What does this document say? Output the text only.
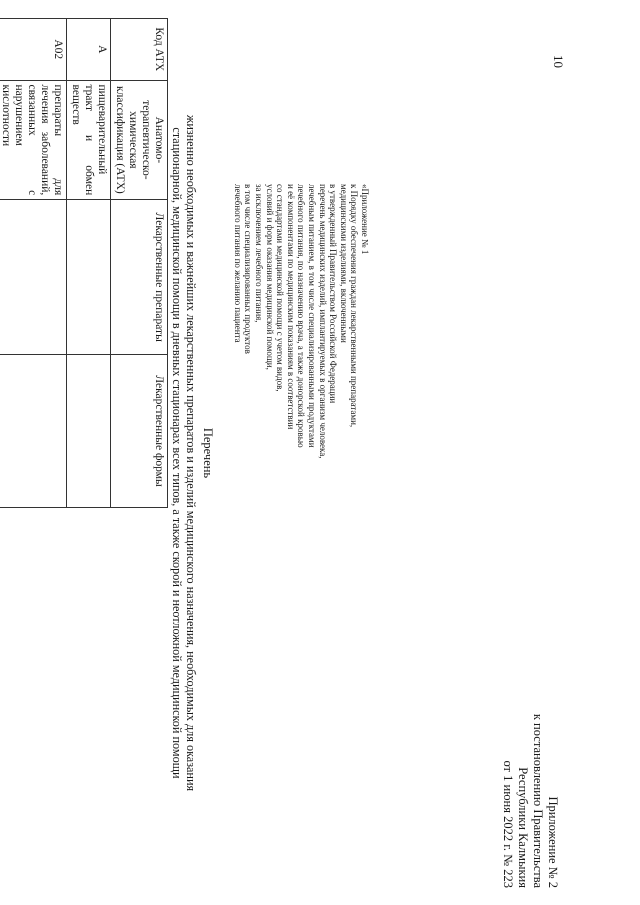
10
Приложение № 2
к постановлению Правительства
Республики Калмыкия
от 1 июня 2022 г. № 223
«Приложение № 1
к Порядку обеспечения граждан лекарственными препаратами,
медицинскими изделиями, включенными
в утвержденный Правительством Российской Федерации
перечень медицинских изделий, имплантируемых в организм человека,
лечебным питанием, в том числе специализированными продуктами
лечебного питания, по назначению врача, а также донорской кровью
и её компонентами по медицинским показаниям в соответствии
со стандартами медицинской помощи с учетом видов,
условий и форм оказания медицинской помощи,
за исключением лечебного питания,
в том числе специализированных продуктов
лечебного питания по желанию пациента
Перечень
жизненно необходимых и важнейших лекарственных препаратов и изделий медицинского назначения, необходимых для оказания
стационарной, медицинской помощи в дневных стационарах всех типов, а также скорой и неотложной медицинской помощи
Код АТХ	Анатомо-терапевтическо-химическая классификация (АТХ)	Лекарственные препараты	Лекарственные формы
А	пищеварительный тракт и обмен веществ		
А02	препараты для лечения заболеваний, связанных с нарушением кислотности		
